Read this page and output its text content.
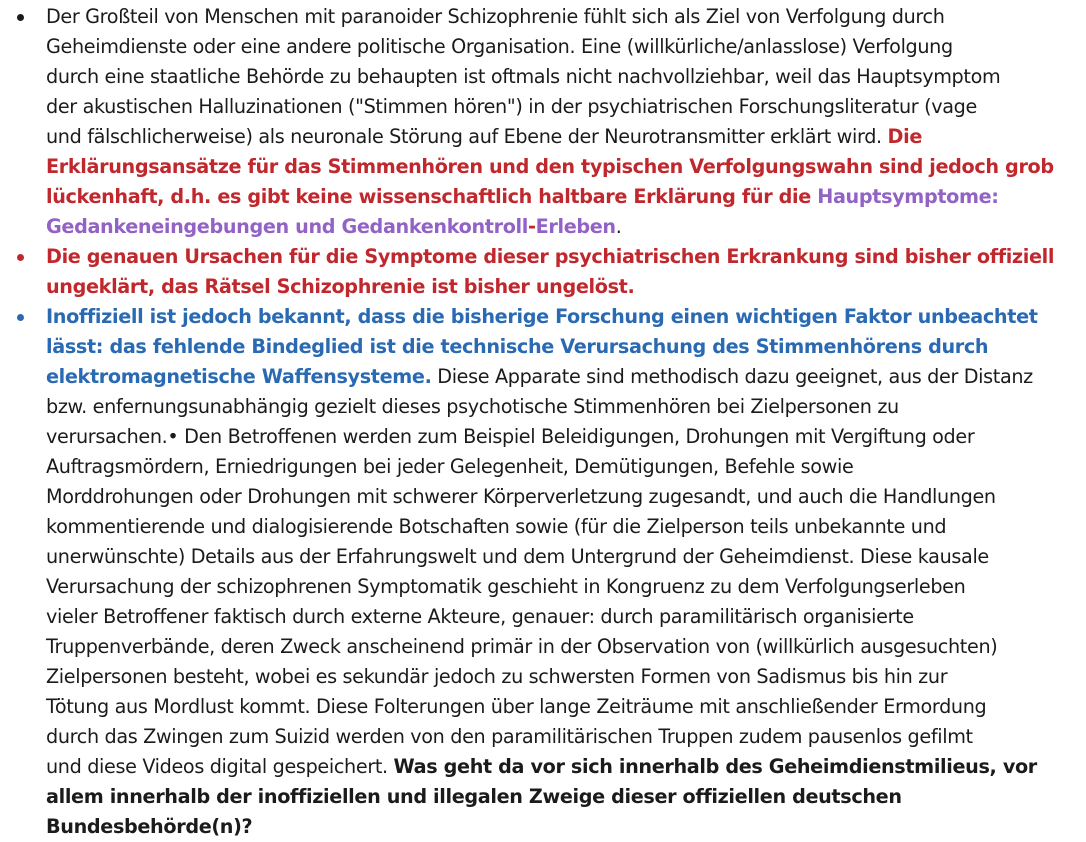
Der Großteil von Menschen mit paranoider Schizophrenie fühlt sich als Ziel von Verfolgung durch
Geheimdienste oder eine andere politische Organisation. Eine (willkürliche/anlasslose) Verfolgung
durch eine staatliche Behörde zu behaupten ist oftmals nicht nachvollziehbar, weil das Hauptsymptom
der akustischen Halluzinationen ("Stimmen hören") in der psychiatrischen Forschungsliteratur (vage
und fälschlicherweise) als neuronale Störung auf Ebene der Neurotransmitter erklärt wird. Die
Erklärungsansätze für das Stimmenhören und den typischen Verfolgungswahn sind jedoch grob
lückenhaft, d.h. es gibt keine wissenschaftlich haltbare Erklärung für die Hauptsymptome:
Gedankeneingebungen und Gedankenkontroll-Erleben.
Die genauen Ursachen für die Symptome dieser psychiatrischen Erkrankung sind bisher offiziell
ungeklärt, das Rätsel Schizophrenie ist bisher ungelöst.
Inoffiziell ist jedoch bekannt, dass die bisherige Forschung einen wichtigen Faktor unbeachtet
lässt: das fehlende Bindeglied ist die technische Verursachung des Stimmenhörens durch
elektromagnetische Waffensysteme. Diese Apparate sind methodisch dazu geeignet, aus der Distanz
bzw. enfernungsunabhängig gezielt dieses psychotische Stimmenhören bei Zielpersonen zu
verursachen.• Den Betroffenen werden zum Beispiel Beleidigungen, Drohungen mit Vergiftung oder
Auftragsmördern, Erniedrigungen bei jeder Gelegenheit, Demütigungen, Befehle sowie
Morddrohungen oder Drohungen mit schwerer Körperverletzung zugesandt, und auch die Handlungen
kommentierende und dialogisierende Botschaften sowie (für die Zielperson teils unbekannte und
unerwünschte) Details aus der Erfahrungswelt und dem Untergrund der Geheimdienst. Diese kausale
Verursachung der schizophrenen Symptomatik geschieht in Kongruenz zu dem Verfolgungserleben
vieler Betroffener faktisch durch externe Akteure, genauer: durch paramilitärisch organisierte
Truppenverbände, deren Zweck anscheinend primär in der Observation von (willkürlich ausgesuchten)
Zielpersonen besteht, wobei es sekundär jedoch zu schwersten Formen von Sadismus bis hin zur
Tötung aus Mordlust kommt. Diese Folterungen über lange Zeiträume mit anschließender Ermordung
durch das Zwingen zum Suizid werden von den paramilitärischen Truppen zudem pausenlos gefilmt
und diese Videos digital gespeichert. Was geht da vor sich innerhalb des Geheimdienstmilieus, vor
allem innerhalb der inoffiziellen und illegalen Zweige dieser offiziellen deutschen
Bundesbehörde(n)?
